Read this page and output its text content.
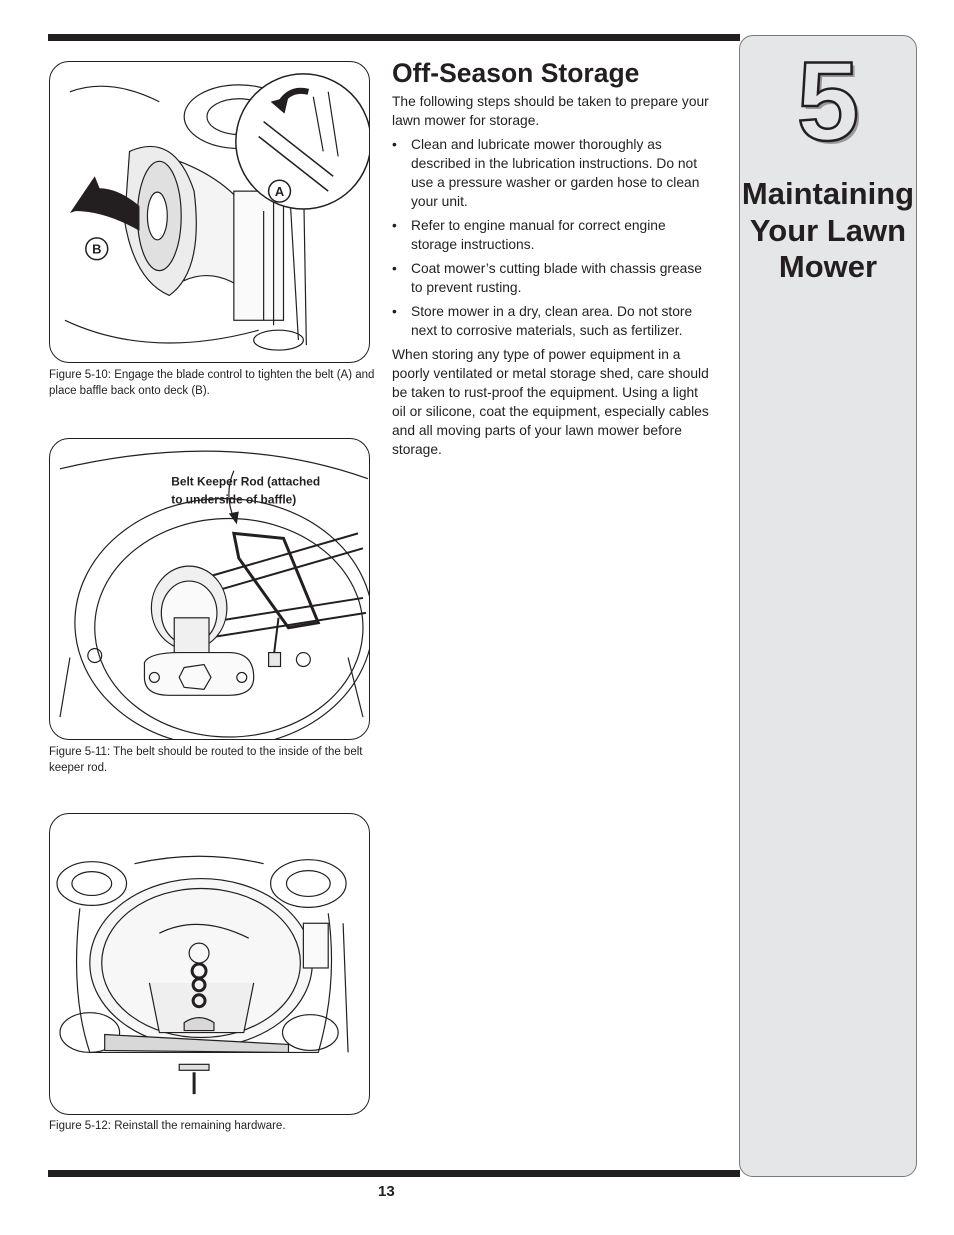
5
Maintaining
Your Lawn
Mower
A
B
Figure 5-10: Engage the blade control to tighten the belt (A) and place baffle back onto deck (B).
Belt Keeper Rod (attached
to underside of baffle)
Figure 5-11: The belt should be routed to the inside of the belt keeper rod.
Figure 5-12: Reinstall the remaining hardware.
Off-Season Storage

The following steps should be taken to prepare your lawn mower for storage.

• Clean and lubricate mower thoroughly as described in the lubrication instructions. Do not use a pressure washer or garden hose to clean your unit.
• Refer to engine manual for correct engine storage instructions.
• Coat mower’s cutting blade with chassis grease to prevent rusting.
• Store mower in a dry, clean area. Do not store next to corrosive materials, such as fertilizer.

When storing any type of power equipment in a poorly ventilated or metal storage shed, care should be taken to rust-proof the equipment. Using a light oil or silicone, coat the equipment, especially cables and all moving parts of your lawn mower before storage.

13
